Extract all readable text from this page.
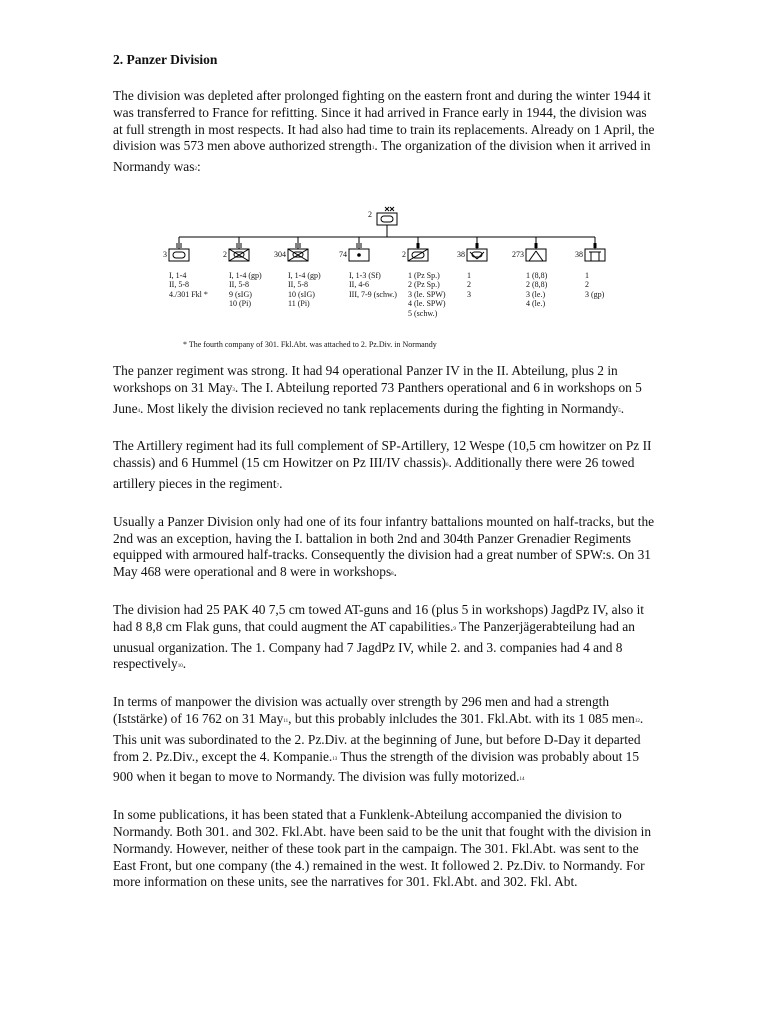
2. Panzer Division

The division was depleted after prolonged fighting on the eastern front and during the winter 1944 it was transferred to France for refitting. Since it had arrived in France early in 1944, the division was at full strength in most respects. It had also had time to train its replacements. Already on 1 April, the division was 573 men above authorized strength$^1$. The organization of the division when it arrived in Normandy was$^2$:

2
3
I, 1-4
II, 5-8
4./301 Fkl *
2
I, 1-4 (gp)
II, 5-8
9 (sIG)
10 (Pi)
304
I, 1-4 (gp)
II, 5-8
10 (sIG)
11 (Pi)
74
I, 1-3 (Sf)
II, 4-6
III, 7-9 (schw.)
2
1 (Pz Sp.)
2 (Pz Sp.)
3 (le. SPW)
4 (le. SPW)
5 (schw.)
38
1
2
3
273
1 (8,8)
2 (8,8)
3 (le.)
4 (le.)
38
1
2
3 (gp)
* The fourth company of 301. Fkl.Abt. was attached to 2. Pz.Div. in Normandy

The panzer regiment was strong. It had 94 operational Panzer IV in the II. Abteilung, plus 2 in workshops on 31 May$^3$. The I. Abteilung reported 73 Panthers operational and 6 in workshops on 5 June$^4$. Most likely the division recieved no tank replacements during the fighting in Normandy$^5$.

The Artillery regiment had its full complement of SP-Artillery, 12 Wespe (10,5 cm howitzer on Pz II chassis) and 6 Hummel (15 cm Howitzer on Pz III/IV chassis)$^6$. Additionally there were 26 towed artillery pieces in the regiment$^7$.

Usually a Panzer Division only had one of its four infantry battalions mounted on half-tracks, but the 2nd was an exception, having the I. battalion in both 2nd and 304th Panzer Grenadier Regiments equipped with armoured half-tracks. Consequently the division had a great number of SPW:s. On 31 May 468 were operational and 8 were in workshops$^8$.

The division had 25 PAK 40 7,5 cm towed AT-guns and 16 (plus 5 in workshops) JagdPz IV, also it had 8 8,8 cm Flak guns, that could augment the AT capabilities.$^9$ The Panzerjägerabteilung had an unusual organization. The 1. Company had 7 JagdPz IV, while 2. and 3. companies had 4 and 8 respectively$^{10}$.

In terms of manpower the division was actually over strength by 296 men and had a strength (Iststärke) of 16 762 on 31 May$^{11}$, but this probably inlcludes the 301. Fkl.Abt. with its 1 085 men$^{12}$. This unit was subordinated to the 2. Pz.Div. at the beginning of June, but before D-Day it departed from 2. Pz.Div., except the 4. Kompanie.$^{13}$ Thus the strength of the division was probably about 15 900 when it began to move to Normandy. The division was fully motorized.$^{14}$

In some publications, it has been stated that a Funklenk-Abteilung accompanied the division to Normandy. Both 301. and 302. Fkl.Abt. have been said to be the unit that fought with the division in Normandy. However, neither of these took part in the campaign. The 301. Fkl.Abt. was sent to the East Front, but one company (the 4.) remained in the west. It followed 2. Pz.Div. to Normandy. For more information on these units, see the narratives for 301. Fkl.Abt. and 302. Fkl. Abt.
